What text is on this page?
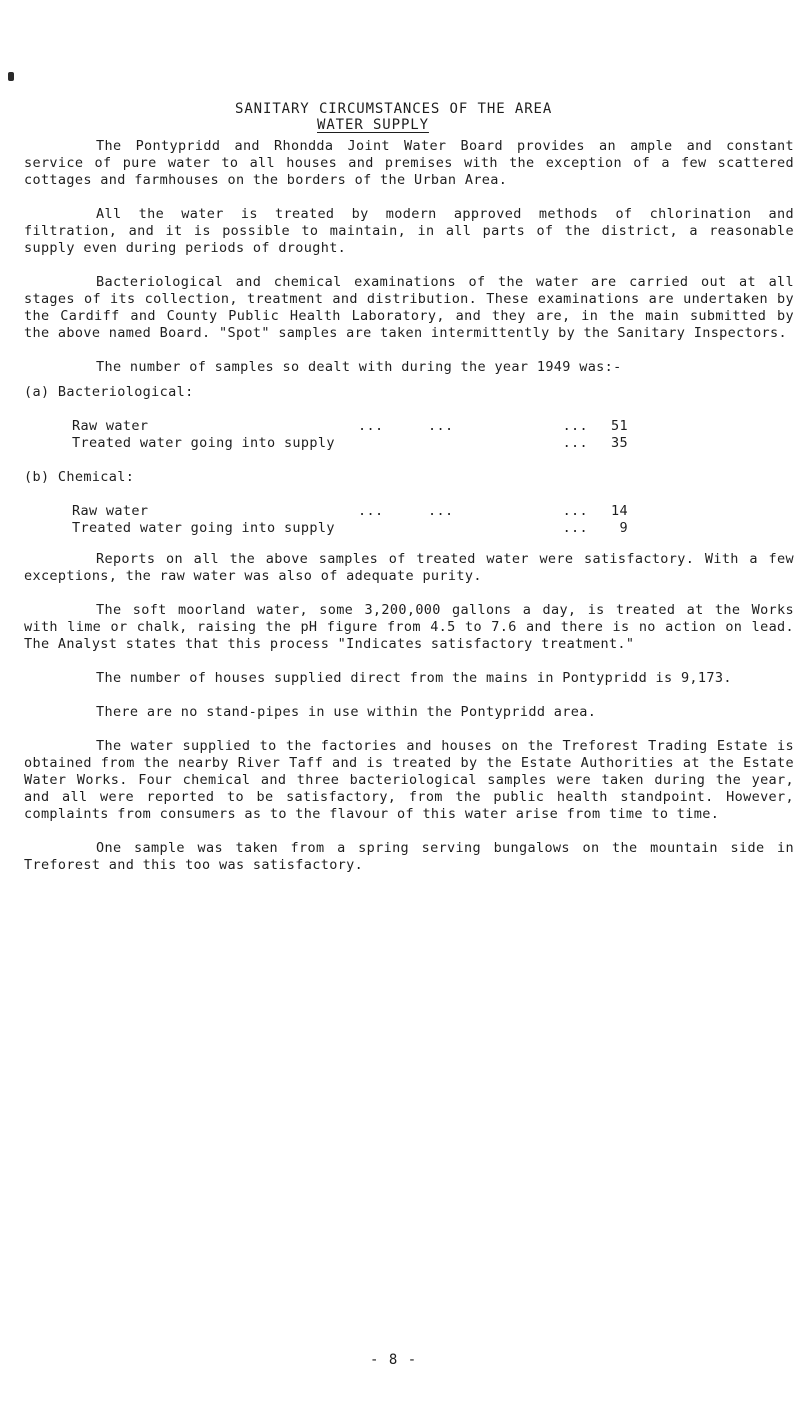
SANITARY CIRCUMSTANCES OF THE AREA
WATER SUPPLY

The Pontypridd and Rhondda Joint Water Board provides an ample and constant service of pure water to all houses and premises with the exception of a few scattered cottages and farmhouses on the borders of the Urban Area.

All the water is treated by modern approved methods of chlorination and filtration, and it is possible to maintain, in all parts of the district, a reasonable supply even during periods of drought.

Bacteriological and chemical examinations of the water are carried out at all stages of its collection, treatment and distribution. These examinations are undertaken by the Cardiff and County Public Health Laboratory, and they are, in the main submitted by the above named Board. "Spot" samples are taken intermittently by the Sanitary Inspectors.

The number of samples so dealt with during the year 1949 was:-

(a) Bacteriological:
Raw water	...	...	...	51
Treated water going into supply	...	35
(b) Chemical:
Raw water	...	...	...	14
Treated water going into supply	...	9

Reports on all the above samples of treated water were satisfactory. With a few exceptions, the raw water was also of adequate purity.

The soft moorland water, some 3,200,000 gallons a day, is treated at the Works with lime or chalk, raising the pH figure from 4.5 to 7.6 and there is no action on lead. The Analyst states that this process "Indicates satisfactory treatment."

The number of houses supplied direct from the mains in Pontypridd is 9,173.

There are no stand-pipes in use within the Pontypridd area.

The water supplied to the factories and houses on the Treforest Trading Estate is obtained from the nearby River Taff and is treated by the Estate Authorities at the Estate Water Works. Four chemical and three bacteriological samples were taken during the year, and all were reported to be satisfactory, from the public health standpoint. However, complaints from consumers as to the flavour of this water arise from time to time.

One sample was taken from a spring serving bungalows on the mountain side in Treforest and this too was satisfactory.

- 8 -
